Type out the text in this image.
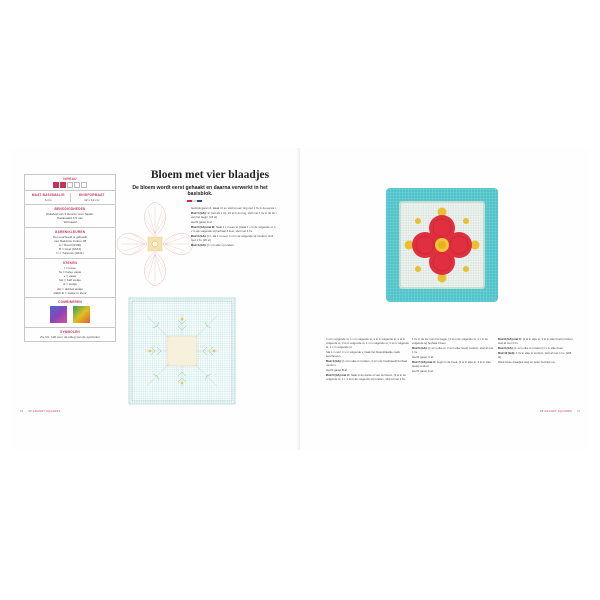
NIVEAU
MAAT BASISMALIG
6 cm
EINDFORMAAT
12 x 12 cm
BENODIGDHEDEN
Wolafval van 4 kleuren voor haakn.
Haaknaald 3,5 mm
Wolnaald
GAREN/KLEUREN
Het voorbeeld is gehaakt
met Rainbow Cotton 08
A = Rood (9430)
B = Geel (9433)
C = Turkoois (9441)
STEKEN
l = losse
hv = halve vaste
v = vaste
hst = half stokje
st = stokje
dst = dubbel stokje
stkbb kl = stokje in kleur
COMBINEREN
SYMBOLEN
Zie blz. 120 voor de uitleg van de symbolen
Bloem met vier blaadjes
De bloem wordt eerst gehaakt en daarna verwerkt in het basisblok.
Gebruik garen A. Haak 4 l en sluit tot een ring met 1 hv in de eerste l.
Rnd 1 (GA): 3 l (telt als 1 st), 15 st in de ring, sluit met 1 hv in de 3e l van het begin. [16 st]
Hecht garen A af.
Rnd 2 (GA) met B: haak 1 v in een st, [haak 1 v in de volgende st, 1 v in elk volgende st] herhaal 4 keer, sluit met 1 hv.
Rnd 3 (GA): [1 l, sla 1 st over, 1 st in de volgende st] rondom, sluit met 1 hv. [20 st]
Rnd 4 (GA): [1 v in elke v] rondom.
96 99 GRANNY SQUARES
3 st in volgende st, 1 v in volgende st, 3 st in volgende st, 2 st in volgende st, 3 st in volgende st, 1 v in volgende st, 3 st in volgende st, 1 v in volgende st.
Sla 1 v over, 1 v in volgende v, haak het bloemblaadje zoals beschreven.
Rnd 4 (GA): [1 st in elke st rondom, 3 st in de hoeksteek] herhaal rondom.
Hecht garen B af.
Rnd 5 (GA) met C: haak in de derde st van de bloem, [3 st in de volgende st, 1 l, 3 st in de volgende st] rondom, sluit af met 1 hv.
1 hv in de 3e l van het begin, [3 st in de volgende st, 1 v in de volgende st] herhaal 3 keer.
Rnd 6 (GA): [1 st in elke st, 3 st in elke hoek] rondom, sluit af met 1 hv.
Hecht garen C af.
Rnd 7 (GA) met A: begin in de hoek, [1 st in elke st, 3 st in elke hoek] rondom.
Hecht garen A af.
Rnd 8 (GA) met C: [1 st in elke st, 3 st in elke hoek] rondom, sluit af met 1 hv.
Rnd 9 (GA): [1 st in elke st rondom] 1 v in elke hoek.
Rnd 10 (GA): 1 hv in elke st rondom, sluit af met 1 hv. [108 st]
Werk losse draadjes weg en span het blok op.
99 GRANNY SQUARES 97
